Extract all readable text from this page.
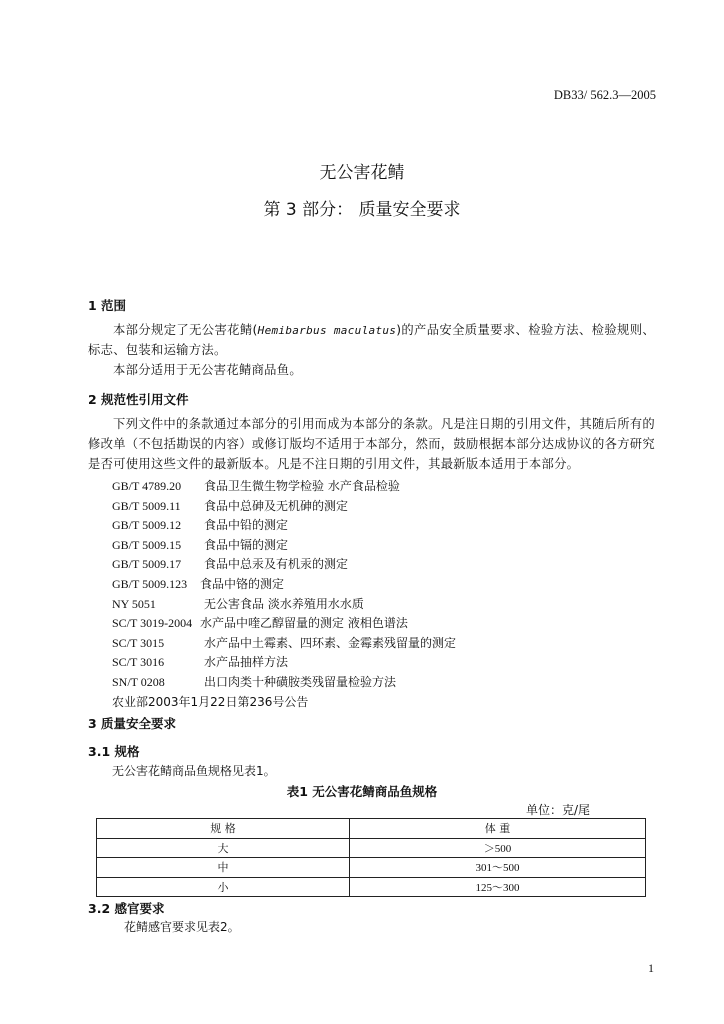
DB33/ 562.3—2005
无公害花鲭
第 3 部分： 质量安全要求
1 范围
本部分规定了无公害花鲭(Hemibarbus maculatus)的产品安全质量要求、检验方法、检验规则、标志、包装和运输方法。
本部分适用于无公害花鲭商品鱼。
2 规范性引用文件
下列文件中的条款通过本部分的引用而成为本部分的条款。凡是注日期的引用文件，其随后所有的修改单（不包括勘误的内容）或修订版均不适用于本部分，然而，鼓励根据本部分达成协议的各方研究是否可使用这些文件的最新版本。凡是不注日期的引用文件，其最新版本适用于本部分。
GB/T 4789.20 食品卫生微生物学检验 水产食品检验
GB/T 5009.11 食品中总砷及无机砷的测定
GB/T 5009.12 食品中铅的测定
GB/T 5009.15 食品中镉的测定
GB/T 5009.17 食品中总汞及有机汞的测定
GB/T 5009.123 食品中铬的测定
NY 5051	无公害食品 淡水养殖用水水质
SC/T 3019-2004 水产品中喹乙醇留量的测定 液相色谱法
SC/T 3015	水产品中土霉素、四环素、金霉素残留量的测定
SC/T 3016	水产品抽样方法
SN/T 0208	出口肉类十种磺胺类残留量检验方法
农业部2003年1月22日第236号公告
3 质量安全要求
3.1 规格
无公害花鲭商品鱼规格见表1。
表1 无公害花鲭商品鱼规格
单位：克/尾
规 格	体 重
大	＞500
中	301～500
小	125～300
3.2 感官要求
花鲭感官要求见表2。
1
